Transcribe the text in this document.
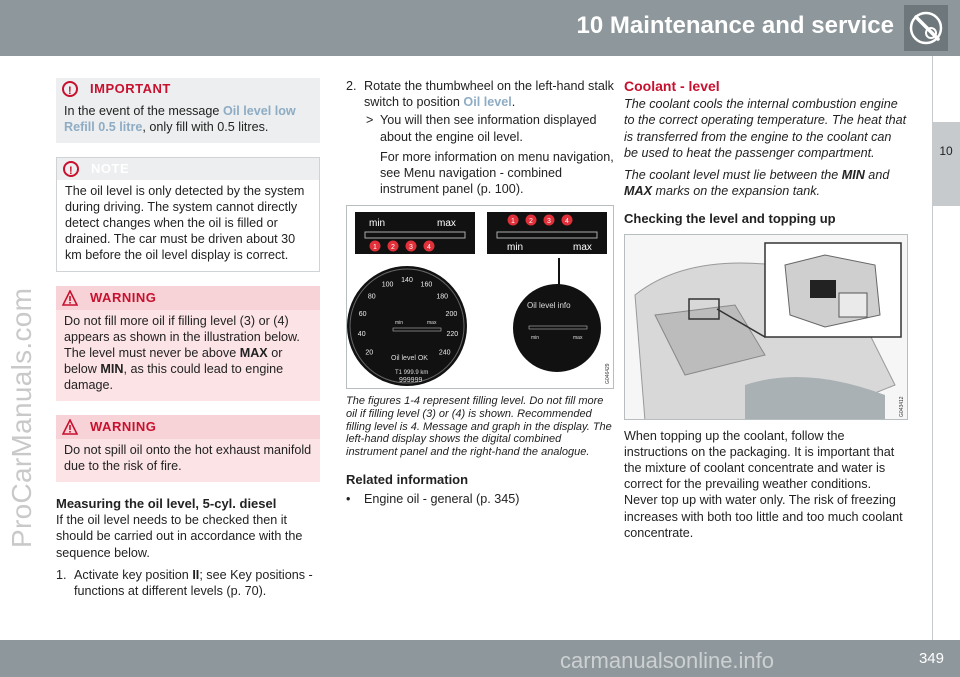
10 Maintenance and service
10
ProCarManuals.com
! IMPORTANT
In the event of the message Oil level low Refill 0.5 litre, only fill with 0.5 litres.
! NOTE
The oil level is only detected by the system during driving. The system cannot directly detect changes when the oil is filled or drained. The car must be driven about 30 km before the oil level display is correct.
WARNING
Do not fill more oil if filling level (3) or (4) appears as shown in the illustration below. The level must never be above MAX or below MIN, as this could lead to engine damage.
WARNING
Do not spill oil onto the hot exhaust manifold due to the risk of fire.
Measuring the oil level, 5-cyl. diesel

If the oil level needs to be checked then it should be carried out in accordance with the sequence below.

1. Activate key position II; see Key positions - functions at different levels (p. 70).
2. Rotate the thumbwheel on the left-hand stalk switch to position Oil level.
> You will then see information displayed about the engine oil level.

For more information on menu navigation, see Menu navigation - combined instrument panel (p. 100).

min	max
min	max
1 2 3 4
1 2 3 4
20
40
60
80
100
140
160
180
200
220
240
Oil level OK
min	max
T1 999.9 km
999999
Oil level info
min	max
G046429

The figures 1-4 represent filling level. Do not fill more oil if filling level (3) or (4) is shown. Recommended filling level is 4. Message and graph in the display. The left-hand display shows the digital combined instrument panel and the right-hand the analogue.

Related information
•	Engine oil - general (p. 345)
Coolant - level

The coolant cools the internal combustion engine to the correct operating temperature. The heat that is transferred from the engine to the coolant can be used to heat the passenger compartment.

The coolant level must lie between the MIN and MAX marks on the expansion tank.

Checking the level and topping up
G043412

When topping up the coolant, follow the instructions on the packaging. It is important that the mixture of coolant concentrate and water is correct for the prevailing weather conditions. Never top up with water only. The risk of freezing increases with both too little and too much coolant concentrate.

carmanualsonline.info	349
